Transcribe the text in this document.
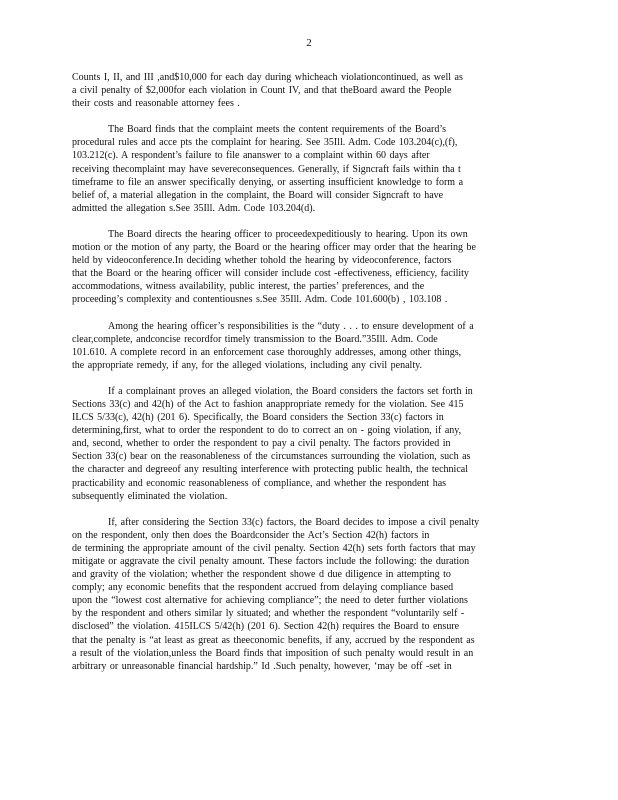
2

Counts I, II, and III ,and$10,000 for each day during whicheach violationcontinued, as well as
a civil penalty of $2,000for each violation in Count IV, and that theBoard award the People
their costs and reasonable attorney fees .

The Board finds that the complaint meets the content requirements of the Board’s
procedural rules and acce pts the complaint for hearing. See 35Ill. Adm. Code 103.204(c),(f),
103.212(c). A respondent’s failure to file ananswer to a complaint within 60 days after
receiving thecomplaint may have severeconsequences. Generally, if Signcraft fails within tha t
timeframe to file an answer specifically denying, or asserting insufficient knowledge to form a
belief of, a material allegation in the complaint, the Board will consider Signcraft to have
admitted the allegation s.See 35Ill. Adm. Code 103.204(d).

The Board directs the hearing officer to proceedexpeditiously to hearing. Upon its own
motion or the motion of any party, the Board or the hearing officer may order that the hearing be
held by videoconference.In deciding whether tohold the hearing by videoconference, factors
that the Board or the hearing officer will consider include cost -effectiveness, efficiency, facility
accommodations, witness availability, public interest, the parties’ preferences, and the
proceeding’s complexity and contentiousnes s.See 35Ill. Adm. Code 101.600(b) , 103.108 .

Among the hearing officer’s responsibilities is the “duty . . . to ensure development of a
clear,complete, andconcise recordfor timely transmission to the Board.”35Ill. Adm. Code
101.610. A complete record in an enforcement case thoroughly addresses, among other things,
the appropriate remedy, if any, for the alleged violations, including any civil penalty.

If a complainant proves an alleged violation, the Board considers the factors set forth in
Sections 33(c) and 42(h) of the Act to fashion anappropriate remedy for the violation. See 415
ILCS 5/33(c), 42(h) (201 6). Specifically, the Board considers the Section 33(c) factors in
determining,first, what to order the respondent to do to correct an on - going violation, if any,
and, second, whether to order the respondent to pay a civil penalty. The factors provided in
Section 33(c) bear on the reasonableness of the circumstances surrounding the violation, such as
the character and degreeof any resulting interference with protecting public health, the technical
practicability and economic reasonableness of compliance, and whether the respondent has
subsequently eliminated the violation.

If, after considering the Section 33(c) factors, the Board decides to impose a civil penalty
on the respondent, only then does the Boardconsider the Act’s Section 42(h) factors in
de termining the appropriate amount of the civil penalty. Section 42(h) sets forth factors that may
mitigate or aggravate the civil penalty amount. These factors include the following: the duration
and gravity of the violation; whether the respondent showe d due diligence in attempting to
comply; any economic benefits that the respondent accrued from delaying compliance based
upon the “lowest cost alternative for achieving compliance”; the need to deter further violations
by the respondent and others similar ly situated; and whether the respondent “voluntarily self -
disclosed” the violation. 415ILCS 5/42(h) (201 6). Section 42(h) requires the Board to ensure
that the penalty is “at least as great as theeconomic benefits, if any, accrued by the respondent as
a result of the violation,unless the Board finds that imposition of such penalty would result in an
arbitrary or unreasonable financial hardship.” Id .Such penalty, however, ‘may be off -set in
